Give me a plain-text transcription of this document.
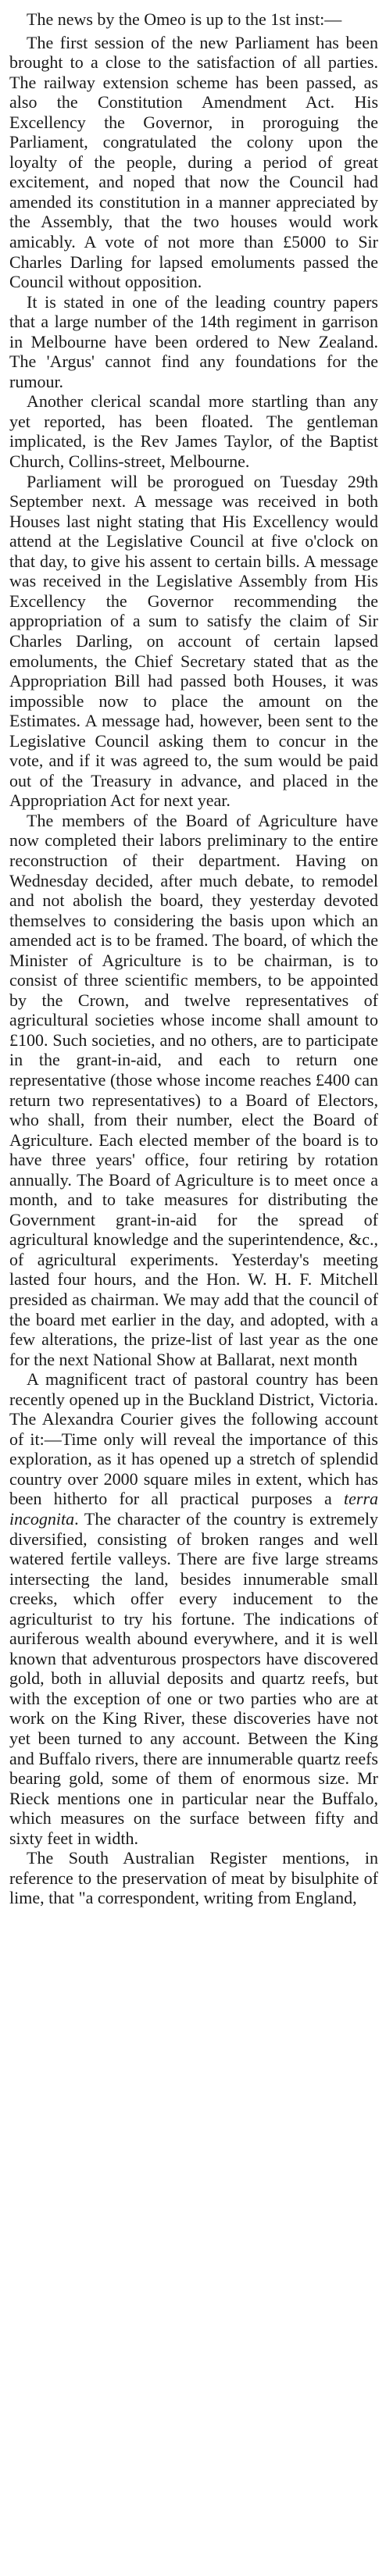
The news by the Omeo is up to the 1st inst:—

The first session of the new Parliament has been brought to a close to the satisfaction of all parties. The railway extension scheme has been passed, as also the Constitution Amendment Act. His Excellency the Governor, in proroguing the Parliament, congratulated the colony upon the loyalty of the people, during a period of great excitement, and noped that now the Council had amended its constitution in a manner appreciated by the Assembly, that the two houses would work amicably. A vote of not more than £5000 to Sir Charles Darling for lapsed emoluments passed the Council without opposition.

It is stated in one of the leading country papers that a large number of the 14th regiment in garrison in Melbourne have been ordered to New Zealand. The 'Argus' cannot find any foundations for the rumour.

Another clerical scandal more startling than any yet reported, has been floated. The gentleman implicated, is the Rev James Taylor, of the Baptist Church, Collins-street, Melbourne.

Parliament will be prorogued on Tuesday 29th September next. A message was received in both Houses last night stating that His Excellency would attend at the Legislative Council at five o'clock on that day, to give his assent to certain bills. A message was received in the Legislative Assembly from His Excellency the Governor recommending the appropriation of a sum to satisfy the claim of Sir Charles Darling, on account of certain lapsed emoluments, the Chief Secretary stated that as the Appropriation Bill had passed both Houses, it was impossible now to place the amount on the Estimates. A message had, however, been sent to the Legislative Council asking them to concur in the vote, and if it was agreed to, the sum would be paid out of the Treasury in advance, and placed in the Appropriation Act for next year.

The members of the Board of Agriculture have now completed their labors preliminary to the entire reconstruction of their department. Having on Wednesday decided, after much debate, to remodel and not abolish the board, they yesterday devoted themselves to considering the basis upon which an amended act is to be framed. The board, of which the Minister of Agriculture is to be chairman, is to consist of three scientific members, to be appointed by the Crown, and twelve representatives of agricultural societies whose income shall amount to £100. Such societies, and no others, are to participate in the grant-in-aid, and each to return one representative (those whose income reaches £400 can return two representatives) to a Board of Electors, who shall, from their number, elect the Board of Agriculture. Each elected member of the board is to have three years' office, four retiring by rotation annually. The Board of Agriculture is to meet once a month, and to take measures for distributing the Government grant-in-aid for the spread of agricultural knowledge and the superintendence, &c., of agricultural experiments. Yesterday's meeting lasted four hours, and the Hon. W. H. F. Mitchell presided as chairman. We may add that the council of the board met earlier in the day, and adopted, with a few alterations, the prize-list of last year as the one for the next National Show at Ballarat, next month

A magnificent tract of pastoral country has been recently opened up in the Buckland District, Victoria. The Alexandra Courier gives the following account of it:—Time only will reveal the importance of this exploration, as it has opened up a stretch of splendid country over 2000 square miles in extent, which has been hitherto for all practical purposes a terra incognita. The character of the country is extremely diversified, consisting of broken ranges and well watered fertile valleys. There are five large streams intersecting the land, besides innumerable small creeks, which offer every inducement to the agriculturist to try his fortune. The indications of auriferous wealth abound everywhere, and it is well known that adventurous prospectors have discovered gold, both in alluvial deposits and quartz reefs, but with the exception of one or two parties who are at work on the King River, these discoveries have not yet been turned to any account. Between the King and Buffalo rivers, there are innumerable quartz reefs bearing gold, some of them of enormous size. Mr Rieck mentions one in particular near the Buffalo, which measures on the surface between fifty and sixty feet in width.

The South Australian Register mentions, in reference to the preservation of meat by bisulphite of lime, that "a correspondent, writing from England,
